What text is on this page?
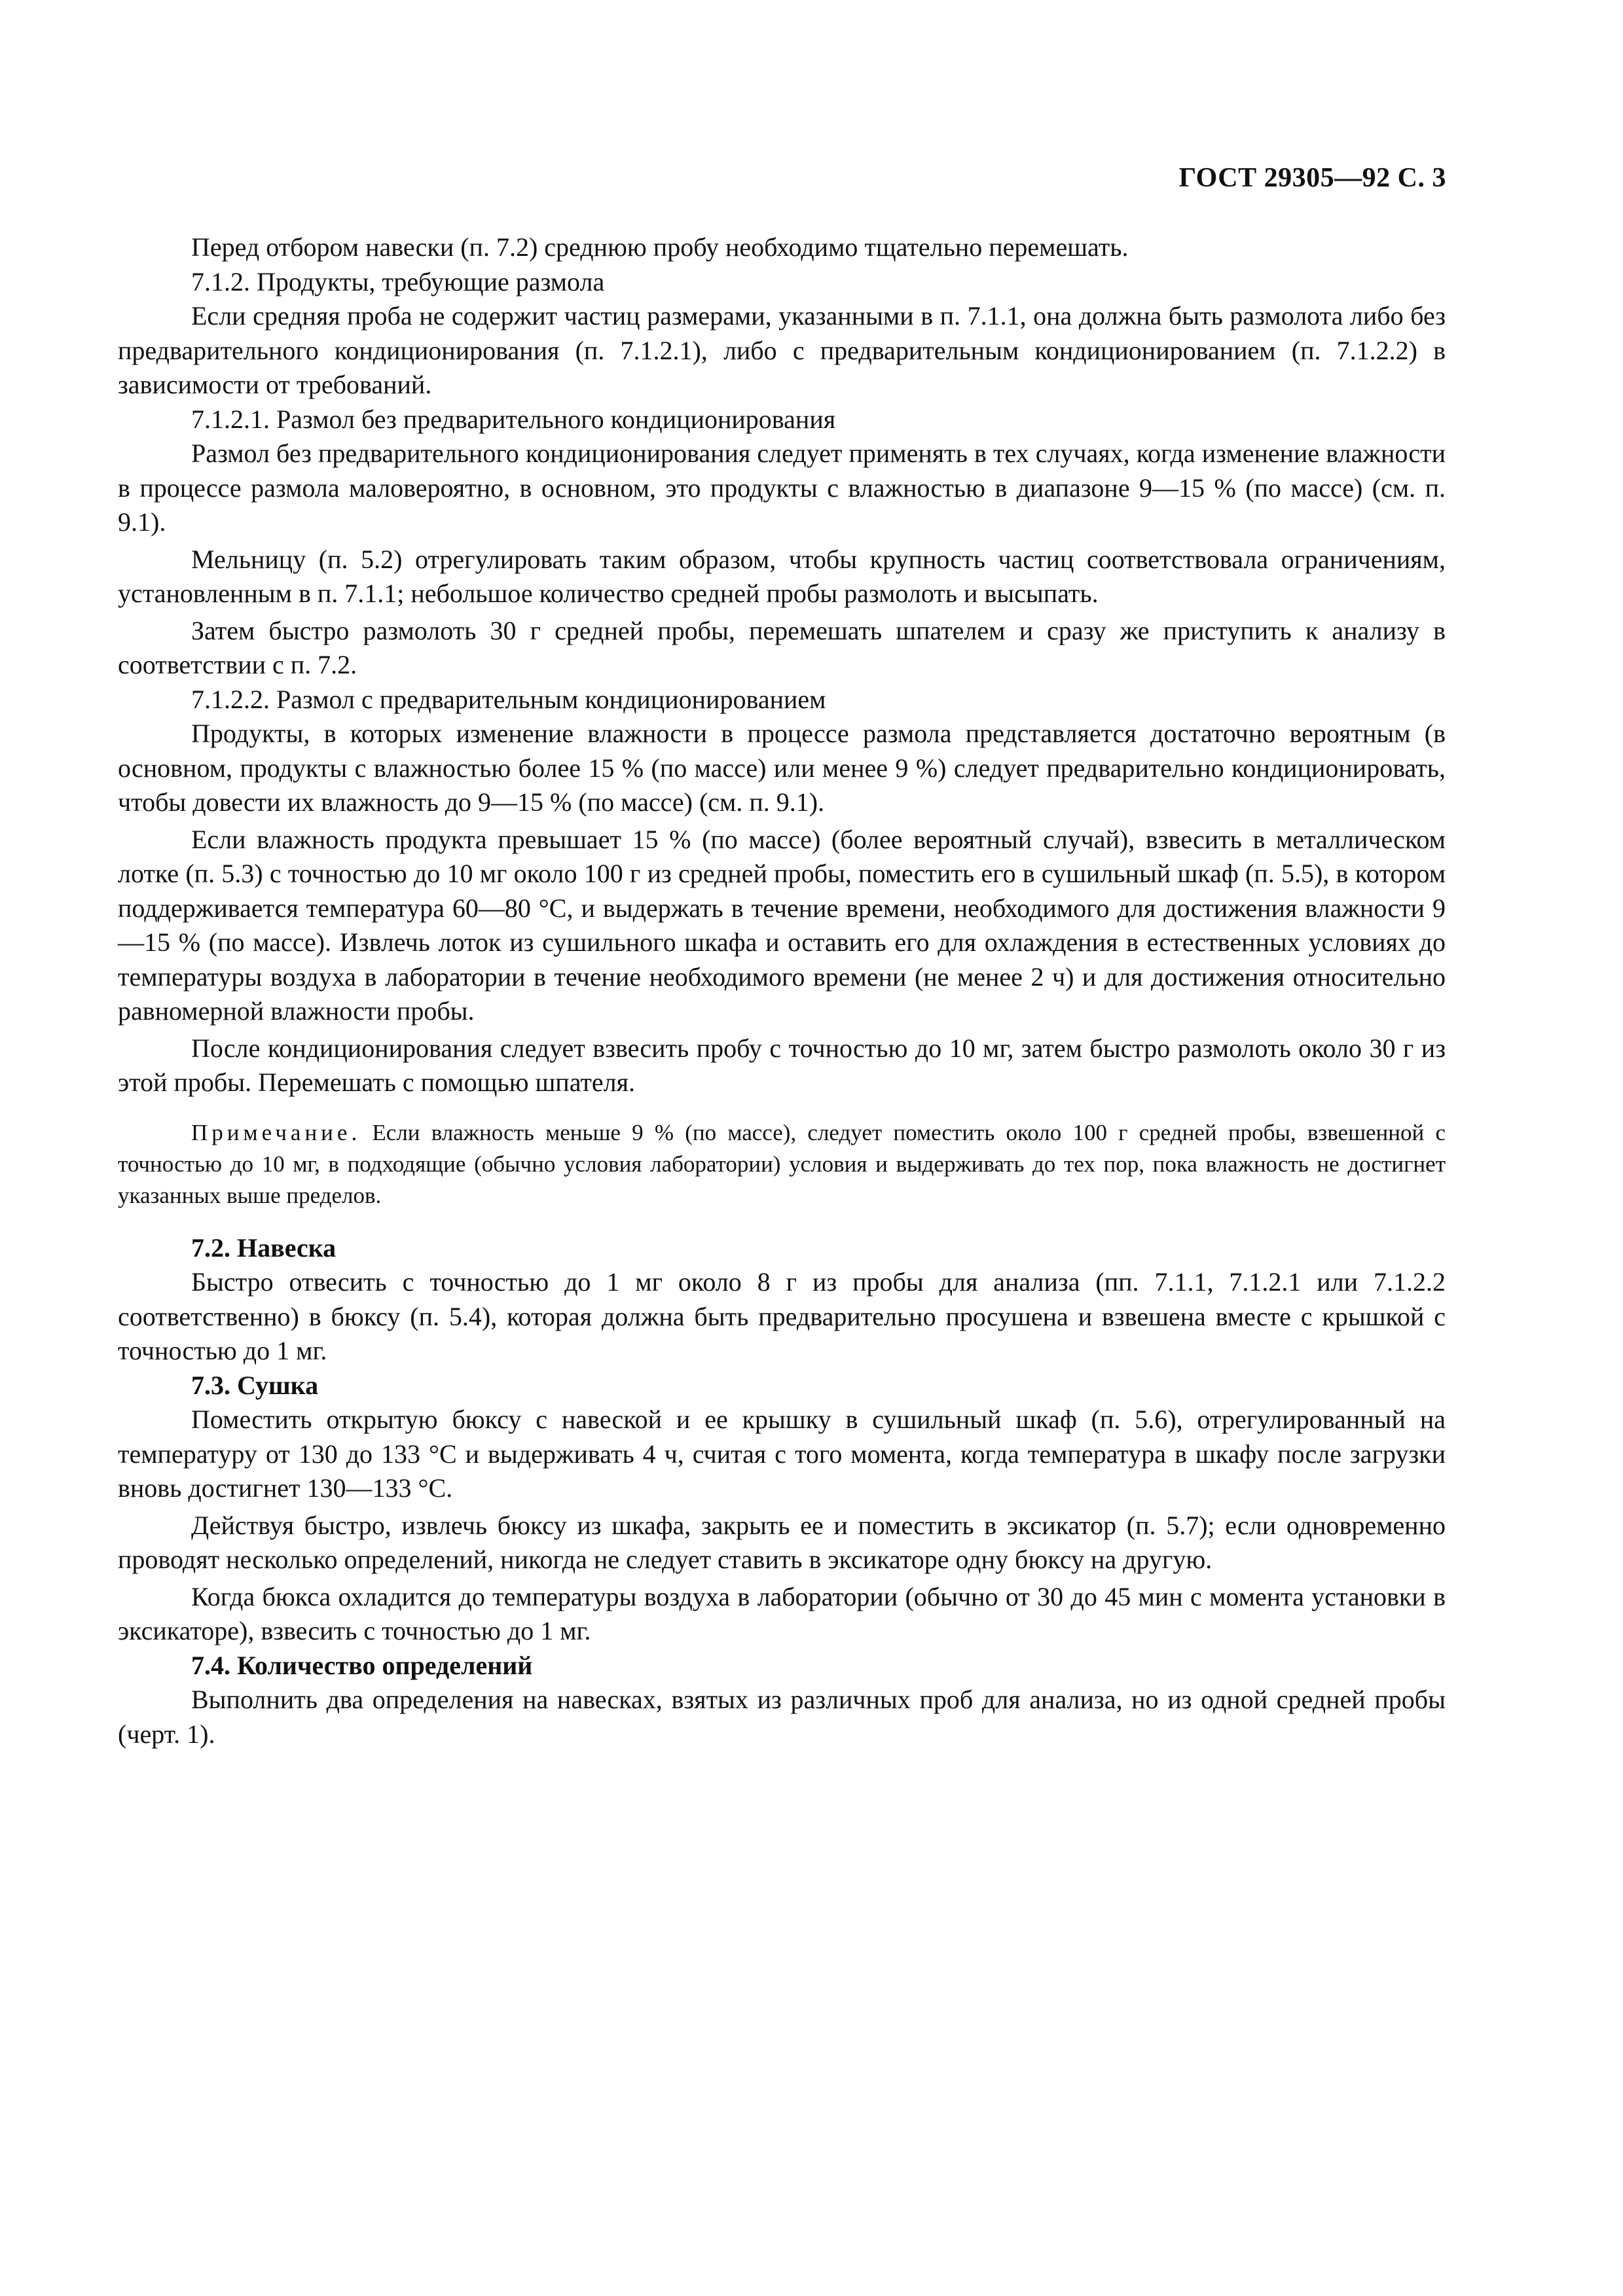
ГОСТ 29305—92 С. 3

Перед отбором навески (п. 7.2) среднюю пробу необходимо тщательно перемешать.

7.1.2. Продукты, требующие размола

Если средняя проба не содержит частиц размерами, указанными в п. 7.1.1, она должна быть размолота либо без предварительного кондиционирования (п. 7.1.2.1), либо с предварительным кондиционированием (п. 7.1.2.2) в зависимости от требований.

7.1.2.1. Размол без предварительного кондиционирования

Размол без предварительного кондиционирования следует применять в тех случаях, когда изменение влажности в процессе размола маловероятно, в основном, это продукты с влажностью в диапазоне 9—15 % (по массе) (см. п. 9.1).

Мельницу (п. 5.2) отрегулировать таким образом, чтобы крупность частиц соответствовала ограничениям, установленным в п. 7.1.1; небольшое количество средней пробы размолоть и высыпать.

Затем быстро размолоть 30 г средней пробы, перемешать шпателем и сразу же приступить к анализу в соответствии с п. 7.2.

7.1.2.2. Размол с предварительным кондиционированием

Продукты, в которых изменение влажности в процессе размола представляется достаточно вероятным (в основном, продукты с влажностью более 15 % (по массе) или менее 9 %) следует предварительно кондиционировать, чтобы довести их влажность до 9—15 % (по массе) (см. п. 9.1).

Если влажность продукта превышает 15 % (по массе) (более вероятный случай), взвесить в металлическом лотке (п. 5.3) с точностью до 10 мг около 100 г из средней пробы, поместить его в сушильный шкаф (п. 5.5), в котором поддерживается температура 60—80 °С, и выдержать в течение времени, необходимого для достижения влажности 9—15 % (по массе). Извлечь лоток из сушильного шкафа и оставить его для охлаждения в естественных условиях до температуры воздуха в лаборатории в течение необходимого времени (не менее 2 ч) и для достижения относительно равномерной влажности пробы.

После кондиционирования следует взвесить пробу с точностью до 10 мг, затем быстро размолоть около 30 г из этой пробы. Перемешать с помощью шпателя.

Примечание. Если влажность меньше 9 % (по массе), следует поместить около 100 г средней пробы, взвешенной с точностью до 10 мг, в подходящие (обычно условия лаборатории) условия и выдерживать до тех пор, пока влажность не достигнет указанных выше пределов.
7.2. Навеска

Быстро отвесить с точностью до 1 мг около 8 г из пробы для анализа (пп. 7.1.1, 7.1.2.1 или 7.1.2.2 соответственно) в бюксу (п. 5.4), которая должна быть предварительно просушена и взвешена вместе с крышкой с точностью до 1 мг.

7.3. Сушка

Поместить открытую бюксу с навеской и ее крышку в сушильный шкаф (п. 5.6), отрегулированный на температуру от 130 до 133 °С и выдерживать 4 ч, считая с того момента, когда температура в шкафу после загрузки вновь достигнет 130—133 °С.

Действуя быстро, извлечь бюксу из шкафа, закрыть ее и поместить в эксикатор (п. 5.7); если одновременно проводят несколько определений, никогда не следует ставить в эксикаторе одну бюксу на другую.

Когда бюкса охладится до температуры воздуха в лаборатории (обычно от 30 до 45 мин с момента установки в эксикаторе), взвесить с точностью до 1 мг.

7.4. Количество определений

Выполнить два определения на навесках, взятых из различных проб для анализа, но из одной средней пробы (черт. 1).
